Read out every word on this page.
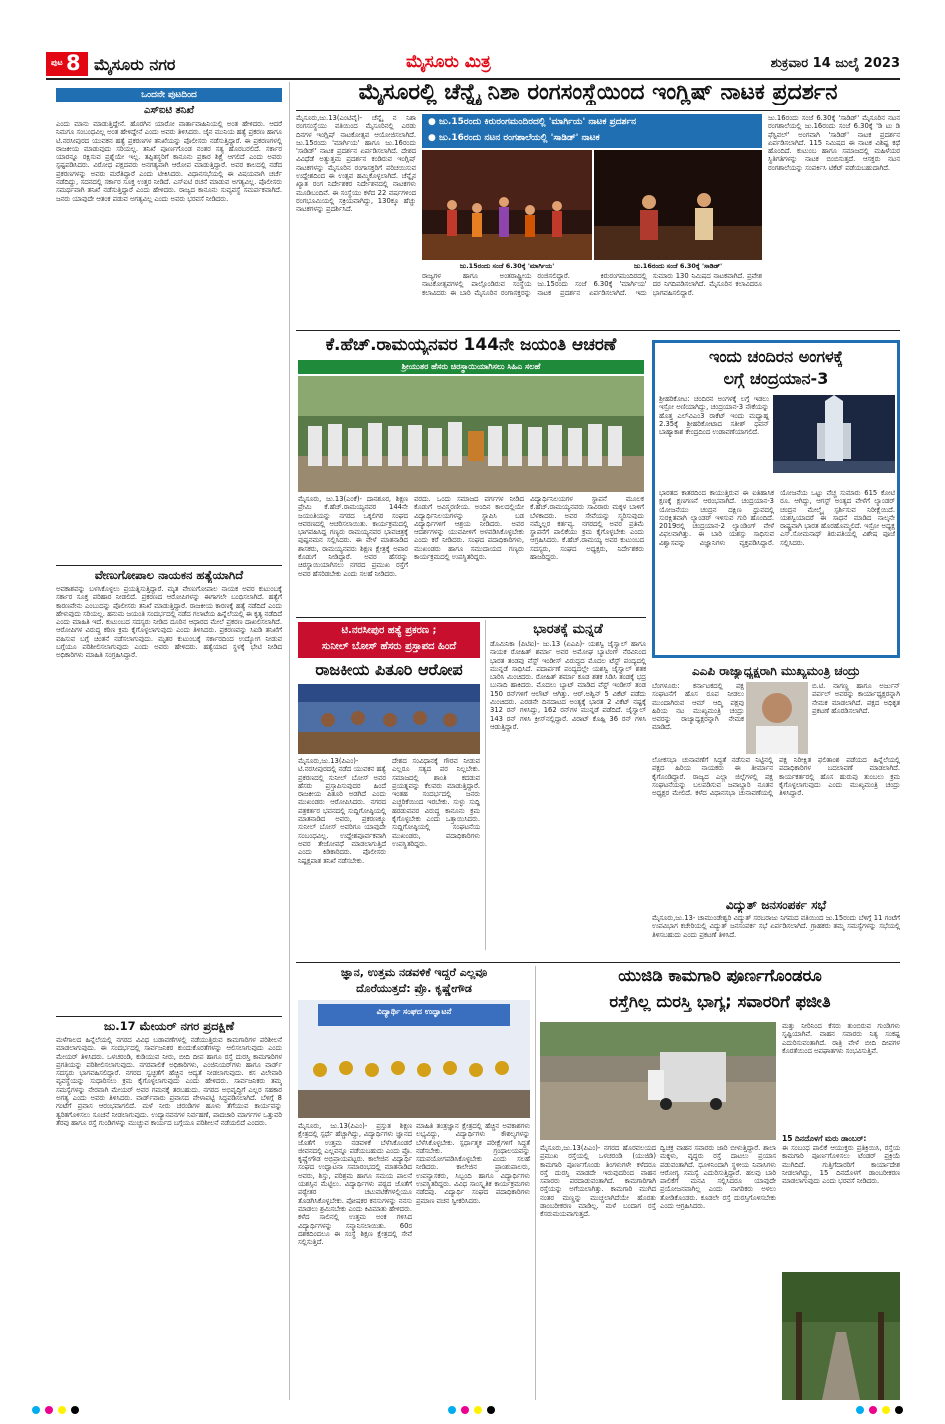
ಪುಟ 8 ಮೈಸೂರು ನಗರ	ಮೈಸೂರು ಮಿತ್ರ	ಶುಕ್ರವಾರ 14 ಜುಲೈ 2023
ಒಂದನೇ ಪುಟದಿಂದ
ಎಸ್‌ಐಟಿ ತನಿಖೆ
ಎಂದು ಮಾನು ಮಾಡುತ್ತಿದ್ದೇನೆ. ಹೊರಗಿನ ಯಾರೋ ವಾರ್ತಾವಾಹಿನಿಯಲ್ಲಿ ಅಂತ ಹೇಳಿದರು. ಆದರೆ ನಿಮಗೂ ಸಂಬಂಧವಿಲ್ಲ ಅಂತ ಹೇಳಿದ್ದೇನೆ ಎಂದು ಅವರು ತಿಳಿಸಿದರು. ಜೈನ ಮುನಿಯ ಹತ್ಯೆ ಪ್ರಕರಣ ಹಾಗೂ ಟಿ.ನರಸೀಪುರದ ಯುವಕನ ಹತ್ಯೆ ಪ್ರಕರಣಗಳ ತನಿಖೆಯನ್ನು ಪೊಲೀಸರು ನಡೆಸುತ್ತಿದ್ದಾರೆ. ಈ ಪ್ರಕರಣಗಳಲ್ಲಿ ರಾಜಕೀಯ ಮಾಡುವುದು ಸರಿಯಲ್ಲ. ತನಿಖೆ ಪೂರ್ಣಗೊಂಡ ನಂತರ ಸತ್ಯ ಹೊರಬರಲಿದೆ. ಸರ್ಕಾರ ಯಾರನ್ನೂ ರಕ್ಷಿಸುವ ಪ್ರಶ್ನೆಯೇ ಇಲ್ಲ. ತಪ್ಪಿತಸ್ಥರಿಗೆ ಕಾನೂನು ಪ್ರಕಾರ ಶಿಕ್ಷೆ ಆಗಲಿದೆ ಎಂದು ಅವರು ಸ್ಪಷ್ಟಪಡಿಸಿದರು. ವಿರೋಧ ಪಕ್ಷದವರು ಅನಗತ್ಯವಾಗಿ ಆರೋಪ ಮಾಡುತ್ತಿದ್ದಾರೆ. ಅವರ ಕಾಲದಲ್ಲಿ ನಡೆದ ಪ್ರಕರಣಗಳನ್ನು ಅವರು ಮರೆತಿದ್ದಾರೆ ಎಂದು ಟೀಕಿಸಿದರು. ವಿಧಾನಸಭೆಯಲ್ಲಿ ಈ ವಿಷಯವಾಗಿ ಚರ್ಚೆ ನಡೆದಿದ್ದು, ಸದನದಲ್ಲಿ ಸರ್ಕಾರ ಸೂಕ್ತ ಉತ್ತರ ನೀಡಿದೆ. ಎಸ್‌ಐಟಿ ರಚನೆ ಮಾಡುವ ಅಗತ್ಯವಿಲ್ಲ. ಪೊಲೀಸರು ಸಮರ್ಥವಾಗಿ ತನಿಖೆ ನಡೆಸುತ್ತಿದ್ದಾರೆ ಎಂದು ಹೇಳಿದರು. ರಾಜ್ಯದ ಕಾನೂನು ಸುವ್ಯವಸ್ಥೆ ಸಮರ್ಪಕವಾಗಿದೆ. ಜನರು ಯಾವುದೇ ಆತಂಕ ಪಡುವ ಅಗತ್ಯವಿಲ್ಲ ಎಂದು ಅವರು ಭರವಸೆ ನೀಡಿದರು.
ವೇಣುಗೋಪಾಲ ನಾಯಕನ ಹತ್ಯೆಯಾಗಿದೆ
ಅವಕಾಶವನ್ನು ಬಳಸಿಕೊಳ್ಳಲು ಪ್ರಯತ್ನಿಸುತ್ತಿದ್ದಾರೆ. ಮೃತ ವೇಣುಗೋಪಾಲ ನಾಯಕ ಅವರ ಕುಟುಂಬಕ್ಕೆ ಸರ್ಕಾರ ಸೂಕ್ತ ಪರಿಹಾರ ನೀಡಲಿದೆ. ಪ್ರಕರಣದ ಆರೋಪಿಗಳನ್ನು ಈಗಾಗಲೇ ಬಂಧಿಸಲಾಗಿದೆ. ಹತ್ಯೆಗೆ ಕಾರಣವೇನು ಎಂಬುದನ್ನು ಪೊಲೀಸರು ತನಿಖೆ ಮಾಡುತ್ತಿದ್ದಾರೆ. ರಾಜಕೀಯ ಕಾರಣಕ್ಕೆ ಹತ್ಯೆ ನಡೆದಿದೆ ಎಂದು ಹೇಳುವುದು ಸರಿಯಲ್ಲ. ಹನುಮ ಜಯಂತಿ ಸಂದರ್ಭದಲ್ಲಿ ನಡೆದ ಗಲಾಟೆಯ ಹಿನ್ನೆಲೆಯಲ್ಲಿ ಈ ಕೃತ್ಯ ನಡೆದಿದೆ ಎಂದು ಮಾಹಿತಿ ಇದೆ. ಕುಟುಂಬದ ಸದಸ್ಯರು ನೀಡಿದ ದೂರಿನ ಆಧಾರದ ಮೇಲೆ ಪ್ರಕರಣ ದಾಖಲಿಸಲಾಗಿದೆ. ಆರೋಪಿಗಳ ವಿರುದ್ಧ ಕಠಿಣ ಕ್ರಮ ಕೈಗೊಳ್ಳಲಾಗುವುದು ಎಂದು ತಿಳಿಸಿದರು. ಪ್ರಕರಣವನ್ನು ಸಿಐಡಿ ತನಿಖೆಗೆ ವಹಿಸುವ ಬಗ್ಗೆ ಚಿಂತನೆ ನಡೆಸಲಾಗುವುದು. ಮೃತರ ಕುಟುಂಬಕ್ಕೆ ಸರ್ಕಾರದಿಂದ ಉದ್ಯೋಗ ನೀಡುವ ಬಗ್ಗೆಯೂ ಪರಿಶೀಲಿಸಲಾಗುವುದು ಎಂದು ಅವರು ಹೇಳಿದರು. ಹತ್ಯೆಯಾದ ಸ್ಥಳಕ್ಕೆ ಭೇಟಿ ನೀಡಿದ ಅಧಿಕಾರಿಗಳು ಮಾಹಿತಿ ಸಂಗ್ರಹಿಸಿದ್ದಾರೆ.
ಜು.17 ಮೇಯರ್ ನಗರ ಪ್ರದಕ್ಷಿಣೆ
ಮಳೆಗಾಲದ ಹಿನ್ನೆಲೆಯಲ್ಲಿ ನಗರದ ವಿವಿಧ ಬಡಾವಣೆಗಳಲ್ಲಿ ನಡೆಯುತ್ತಿರುವ ಕಾಮಗಾರಿಗಳ ಪರಿಶೀಲನೆ ಮಾಡಲಾಗುವುದು. ಈ ಸಂದರ್ಭದಲ್ಲಿ ಸಾರ್ವಜನಿಕರ ಕುಂದುಕೊರತೆಗಳನ್ನು ಆಲಿಸಲಾಗುವುದು ಎಂದು ಮೇಯರ್ ತಿಳಿಸಿದರು. ಒಳಚರಂಡಿ, ಕುಡಿಯುವ ನೀರು, ಬೀದಿ ದೀಪ ಹಾಗೂ ರಸ್ತೆ ದುರಸ್ತಿ ಕಾಮಗಾರಿಗಳ ಪ್ರಗತಿಯನ್ನು ಪರಿಶೀಲಿಸಲಾಗುವುದು. ನಗರಪಾಲಿಕೆ ಅಧಿಕಾರಿಗಳು, ಎಂಜಿನಿಯರ್‌ಗಳು ಹಾಗೂ ವಾರ್ಡ್ ಸದಸ್ಯರು ಭಾಗವಹಿಸಲಿದ್ದಾರೆ. ನಗರದ ಸ್ವಚ್ಛತೆಗೆ ಹೆಚ್ಚಿನ ಆದ್ಯತೆ ನೀಡಲಾಗುವುದು. ಕಸ ವಿಲೇವಾರಿ ವ್ಯವಸ್ಥೆಯನ್ನು ಸುಧಾರಿಸಲು ಕ್ರಮ ಕೈಗೊಳ್ಳಲಾಗುವುದು ಎಂದು ಹೇಳಿದರು. ಸಾರ್ವಜನಿಕರು ತಮ್ಮ ಸಮಸ್ಯೆಗಳನ್ನು ನೇರವಾಗಿ ಮೇಯರ್ ಅವರ ಗಮನಕ್ಕೆ ತರಬಹುದು. ನಗರದ ಅಭಿವೃದ್ಧಿಗೆ ಎಲ್ಲರ ಸಹಕಾರ ಅಗತ್ಯ ಎಂದು ಅವರು ತಿಳಿಸಿದರು. ವಾರ್ಡ್‌ವಾರು ಪ್ರವಾಸದ ವೇಳಾಪಟ್ಟಿ ಸಿದ್ಧಪಡಿಸಲಾಗಿದೆ. ಬೆಳಿಗ್ಗೆ 8 ಗಂಟೆಗೆ ಪ್ರವಾಸ ಆರಂಭವಾಗಲಿದೆ. ಮಳೆ ನೀರು ಚರಂಡಿಗಳ ಹೂಳು ತೆಗೆಯುವ ಕಾರ್ಯವನ್ನು ತ್ವರಿತಗೊಳಿಸಲು ಸೂಚನೆ ನೀಡಲಾಗುವುದು. ಉದ್ಯಾನವನಗಳ ನಿರ್ವಹಣೆ, ಪಾದಚಾರಿ ಮಾರ್ಗಗಳ ಒತ್ತುವರಿ ತೆರವು ಹಾಗೂ ರಸ್ತೆ ಗುಂಡಿಗಳನ್ನು ಮುಚ್ಚುವ ಕಾರ್ಯದ ಬಗ್ಗೆಯೂ ಪರಿಶೀಲನೆ ನಡೆಯಲಿದೆ ಎಂದರು.
ಮೈಸೂರಲ್ಲಿ ಚೆನ್ನೈ ನಿಶಾ ರಂಗಸಂಸ್ಥೆಯಿಂದ ಇಂಗ್ಲಿಷ್ ನಾಟಕ ಪ್ರದರ್ಶನ
ಮೈಸೂರು,ಜು.13(ಎಂಟಿವೈ)- ಚೆನ್ನೈ ನ ನಿಶಾ ರಂಗಸಂಸ್ಥೆಯು ವತಿಯಿಂದ ಮೈಸೂರಿನಲ್ಲಿ ಎರಡು ದಿನಗಳ ಇಂಗ್ಲಿಷ್ ನಾಟಕೋತ್ಸವ ಆಯೋಜಿಸಲಾಗಿದೆ. ಜು.15ರಂದು 'ಮಾರ್ಗಿಯ' ಹಾಗೂ ಜು.16ರಂದು 'ಸಾಡಿಡ್' ನಾಟಕ ಪ್ರದರ್ಶನ ಏರ್ಪಡಿಸಲಾಗಿದೆ. ದೇಶದ ವಿವಿಧೆಡೆ ಅತ್ಯುತ್ತಮ ಪ್ರದರ್ಶನ ಕಂಡಿರುವ ಇಂಗ್ಲಿಷ್ ನಾಟಕಗಳನ್ನು ಮೈಸೂರಿನ ರಂಗಾಸಕ್ತರಿಗೆ ಪರಿಚಯಿಸುವ ಉದ್ದೇಶದಿಂದ ಈ ಉತ್ಸವ ಹಮ್ಮಿಕೊಳ್ಳಲಾಗಿದೆ. ಚೆನ್ನೈನ ಖ್ಯಾತ ರಂಗ ನಿರ್ದೇಶಕರ ನಿರ್ದೇಶನದಲ್ಲಿ ನಾಟಕಗಳು ಮೂಡಿಬಂದಿವೆ. ಈ ಸಂಸ್ಥೆಯು ಕಳೆದ 22 ವರ್ಷಗಳಿಂದ ರಂಗಭೂಮಿಯಲ್ಲಿ ಸಕ್ರಿಯವಾಗಿದ್ದು, 130ಕ್ಕೂ ಹೆಚ್ಚು ನಾಟಕಗಳನ್ನು ಪ್ರದರ್ಶಿಸಿದೆ.
● ಜು.15ರಂದು ಕಿರುರಂಗಮಂದಿರದಲ್ಲಿ 'ಮಾರ್ಗಿಯ' ನಾಟಕ ಪ್ರದರ್ಶನ
● ಜು.16ರಂದು ನಟನ ರಂಗಶಾಲೆಯಲ್ಲಿ 'ಸಾಡಿಡ್' ನಾಟಕ
ಜು.15ರಂದು ಸಂಜೆ 6.30ಕ್ಕೆ 'ಮಾರ್ಗಿಯ'	ಜು.16ರಂದು ಸಂಜೆ 6.30ಕ್ಕೆ 'ಸಾಡಿಡ್'
ರಾಜ್ಯಗಳ ಹಾಗೂ ಅಂತರಾಷ್ಟ್ರೀಯ ನಾಟಕೋತ್ಸವಗಳಲ್ಲಿ ಪಾಲ್ಗೊಂಡಿರುವ ಸಂಸ್ಥೆಯ ಕಲಾವಿದರು ಈ ಬಾರಿ ಮೈಸೂರಿನ ರಂಗಾಸಕ್ತರನ್ನು ರಂಜಿಸಲಿದ್ದಾರೆ. ಕಿರುರಂಗಮಂದಿರದಲ್ಲಿ ಜು.15ರಂದು ಸಂಜೆ 6.30ಕ್ಕೆ 'ಮಾರ್ಗಿಯ' ನಾಟಕ ಪ್ರದರ್ಶನ ಏರ್ಪಡಿಸಲಾಗಿದೆ. ಇದು ಸುಮಾರು 130 ನಿಮಿಷದ ನಾಟಕವಾಗಿದೆ. ಪ್ರವೇಶ ದರ ನಿಗದಿಪಡಿಸಲಾಗಿದೆ. ಮೈಸೂರಿನ ಕಲಾವಿದರೂ ಭಾಗವಹಿಸಲಿದ್ದಾರೆ.
ಜು.16ರಂದು ಸಂಜೆ 6.30ಕ್ಕೆ 'ಸಾಡಿಡ್' ಮೈಸೂರಿನ ನಟನ ರಂಗಶಾಲೆಯಲ್ಲಿ ಜು.16ರಂದು ಸಂಜೆ 6.30ಕ್ಕೆ 'ಡಿ ಟು ಡಿ ಫೆಸ್ಟಿವಲ್' ಅಂಗವಾಗಿ 'ಸಾಡಿಡ್' ನಾಟಕ ಪ್ರದರ್ಶನ ಏರ್ಪಡಿಸಲಾಗಿದೆ. 115 ನಿಮಿಷದ ಈ ನಾಟಕ ವಿಶಿಷ್ಟ ಕಥೆ ಹೊಂದಿದೆ. ಕುಟುಂಬ ಹಾಗೂ ಸಮಾಜದಲ್ಲಿ ಮಹಿಳೆಯರ ಸ್ಥಿತಿಗತಿಗಳನ್ನು ನಾಟಕ ಬಿಂಬಿಸುತ್ತದೆ. ಆಸಕ್ತರು ನಟನ ರಂಗಶಾಲೆಯನ್ನು ಸಂಪರ್ಕಿಸಿ ಟಿಕೆಟ್ ಪಡೆಯಬಹುದಾಗಿದೆ.
ಕೆ.ಹೆಚ್.ರಾಮಯ್ಯನವರ 144ನೇ ಜಯಂತಿ ಆಚರಣೆ
ಶ್ರೀಯುತರ ಹೆಸರು ಚಿರಸ್ಥಾಯಿಯಾಗಿಸಲು ಸಿಹಿಎ ಸಲಹೆ
ಮೈಸೂರು, ಜು.13(ಎಂಕೆ)- ದಾನಶೂರ, ಶಿಕ್ಷಣ ಪ್ರೇಮಿ ಕೆ.ಹೆಚ್.ರಾಮಯ್ಯನವರ 144ನೇ ಜಯಂತಿಯನ್ನು ನಗರದ ಒಕ್ಕಲಿಗರ ಸಂಘದ ಆವರಣದಲ್ಲಿ ಆಚರಿಸಲಾಯಿತು. ಕಾರ್ಯಕ್ರಮದಲ್ಲಿ ಭಾಗವಹಿಸಿದ್ದ ಗಣ್ಯರು ರಾಮಯ್ಯನವರ ಭಾವಚಿತ್ರಕ್ಕೆ ಪುಷ್ಪನಮನ ಸಲ್ಲಿಸಿದರು. ಈ ವೇಳೆ ಮಾತನಾಡಿದ ಶಾಸಕರು, ರಾಮಯ್ಯನವರು ಶಿಕ್ಷಣ ಕ್ಷೇತ್ರಕ್ಕೆ ಅಪಾರ ಕೊಡುಗೆ ನೀಡಿದ್ದಾರೆ. ಅವರ ಹೆಸರನ್ನು ಚಿರಸ್ಥಾಯಿಯಾಗಿಸಲು ನಗರದ ಪ್ರಮುಖ ರಸ್ತೆಗೆ ಅವರ ಹೆಸರಿಡಬೇಕು ಎಂದು ಸಲಹೆ ನೀಡಿದರು.
ವರದು. ಒಂದು ಸಮಾಜದ ವರ್ಗಗಳ ನೀಡಿದ ಕೊಡುಗೆ ಅವಿಸ್ಮರಣೀಯ. ಅಂದಿನ ಕಾಲದಲ್ಲಿಯೇ ವಿದ್ಯಾರ್ಥಿನಿಲಯಗಳನ್ನು ಸ್ಥಾಪಿಸಿ ಬಡ ವಿದ್ಯಾರ್ಥಿಗಳಿಗೆ ಆಶ್ರಯ ನೀಡಿದರು. ಅವರ ಆದರ್ಶಗಳನ್ನು ಯುವಪೀಳಿಗೆ ಅಳವಡಿಸಿಕೊಳ್ಳಬೇಕು ಎಂದು ಕರೆ ನೀಡಿದರು. ಸಂಘದ ಪದಾಧಿಕಾರಿಗಳು, ಮುಖಂಡರು ಹಾಗೂ ಸಮುದಾಯದ ಗಣ್ಯರು ಕಾರ್ಯಕ್ರಮದಲ್ಲಿ ಉಪಸ್ಥಿತರಿದ್ದರು.
ವಿದ್ಯಾರ್ಥಿನಿಲಯಗಳ ಸ್ಥಾಪನೆ ಮೂಲಕ ಕೆ.ಹೆಚ್.ರಾಮಯ್ಯನವರು ಸಾವಿರಾರು ಮಕ್ಕಳ ಬಾಳಿಗೆ ಬೆಳಕಾದರು. ಅವರ ಸೇವೆಯನ್ನು ಸ್ಮರಿಸುವುದು ನಮ್ಮೆಲ್ಲರ ಕರ್ತವ್ಯ. ನಗರದಲ್ಲಿ ಅವರ ಪ್ರತಿಮೆ ಸ್ಥಾಪನೆಗೆ ಪಾಲಿಕೆಯು ಕ್ರಮ ಕೈಗೊಳ್ಳಬೇಕು ಎಂದು ಆಗ್ರಹಿಸಿದರು. ಕೆ.ಹೆಚ್.ರಾಮಯ್ಯ ಅವರ ಕುಟುಂಬದ ಸದಸ್ಯರು, ಸಂಘದ ಅಧ್ಯಕ್ಷರು, ನಿರ್ದೇಶಕರು ಹಾಜರಿದ್ದರು.
ಇಂದು ಚಂದಿರನ ಅಂಗಳಕ್ಕೆ
ಲಗ್ಗೆ ಚಂದ್ರಯಾನ-3
ಶ್ರೀಹರಿಕೋಟ: ಚಂದಿರನ ಅಂಗಳಕ್ಕೆ ಲಗ್ಗೆ ಇಡಲು ಇಸ್ರೋ ಅಣಿಯಾಗಿದ್ದು, ಚಂದ್ರಯಾನ-3 ನೌಕೆಯನ್ನು ಹೊತ್ತ ಎಲ್‌ವಿಎಂ3 ರಾಕೆಟ್ ಇಂದು ಮಧ್ಯಾಹ್ನ 2.35ಕ್ಕೆ ಶ್ರೀಹರಿಕೋಟಾದ ಸತೀಶ್ ಧವನ್ ಬಾಹ್ಯಾಕಾಶ ಕೇಂದ್ರದಿಂದ ಉಡಾವಣೆಯಾಗಲಿದೆ.
ಭಾರತದ ಕಾತರದಿಂದ ಕಾಯುತ್ತಿರುವ ಈ ಐತಿಹಾಸಿಕ ಕ್ಷಣಕ್ಕೆ ಕ್ಷಣಗಣನೆ ಆರಂಭವಾಗಿದೆ. ಚಂದ್ರಯಾನ-3 ಯೋಜನೆಯು ಚಂದ್ರನ ದಕ್ಷಿಣ ಧ್ರುವದಲ್ಲಿ ಸುರಕ್ಷಿತವಾಗಿ ಲ್ಯಾಂಡರ್ ಇಳಿಸುವ ಗುರಿ ಹೊಂದಿದೆ. 2019ರಲ್ಲಿ ಚಂದ್ರಯಾನ-2 ಲ್ಯಾಂಡಿಂಗ್ ವೇಳೆ ವಿಫಲವಾಗಿತ್ತು. ಈ ಬಾರಿ ಯಶಸ್ಸು ಸಾಧಿಸುವ ವಿಶ್ವಾಸವನ್ನು ವಿಜ್ಞಾನಿಗಳು ವ್ಯಕ್ತಪಡಿಸಿದ್ದಾರೆ. ಯೋಜನೆಯ ಒಟ್ಟು ವೆಚ್ಚ ಸುಮಾರು 615 ಕೋಟಿ ರೂ. ಆಗಿದ್ದು, ಆಗಸ್ಟ್ ಅಂತ್ಯದ ವೇಳೆಗೆ ಲ್ಯಾಂಡರ್ ಚಂದ್ರನ ಮೇಲ್ಮೈ ಸ್ಪರ್ಶಿಸುವ ನಿರೀಕ್ಷೆಯಿದೆ. ಯಶಸ್ವಿಯಾದರೆ ಈ ಸಾಧನೆ ಮಾಡಿದ ನಾಲ್ಕನೇ ರಾಷ್ಟ್ರವಾಗಿ ಭಾರತ ಹೊರಹೊಮ್ಮಲಿದೆ. ಇಸ್ರೋ ಅಧ್ಯಕ್ಷ ಎಸ್.ಸೋಮನಾಥ್ ತಿರುಪತಿಯಲ್ಲಿ ವಿಶೇಷ ಪೂಜೆ ಸಲ್ಲಿಸಿದರು.
ಟಿ.ನರಸೀಪುರ ಹತ್ಯೆ ಪ್ರಕರಣ ;
ಸುನೀಲ್ ಬೋಸ್ ಹೆಸರು ಪ್ರಸ್ತಾಪದ ಹಿಂದೆ
ರಾಜಕೀಯ ಪಿತೂರಿ ಆರೋಪ
ಮೈಸೂರು,ಜು.13(ಪಿಎಂ)- ಟಿ.ನರಸೀಪುರದಲ್ಲಿ ನಡೆದ ಯುವಕನ ಹತ್ಯೆ ಪ್ರಕರಣದಲ್ಲಿ ಸುನೀಲ್ ಬೋಸ್ ಅವರ ಹೆಸರು ಪ್ರಸ್ತಾಪಿಸುವುದರ ಹಿಂದೆ ರಾಜಕೀಯ ಪಿತೂರಿ ಅಡಗಿದೆ ಎಂದು ಮುಖಂಡರು ಆರೋಪಿಸಿದರು. ನಗರದ ಪತ್ರಕರ್ತರ ಭವನದಲ್ಲಿ ಸುದ್ದಿಗೋಷ್ಠಿಯಲ್ಲಿ ಮಾತನಾಡಿದ ಅವರು, ಪ್ರಕರಣಕ್ಕೂ ಸುನೀಲ್ ಬೋಸ್ ಅವರಿಗೂ ಯಾವುದೇ ಸಂಬಂಧವಿಲ್ಲ. ಉದ್ದೇಶಪೂರ್ವಕವಾಗಿ ಅವರ ತೇಜೋವಧೆ ಮಾಡಲಾಗುತ್ತಿದೆ ಎಂದು ಕಿಡಿಕಾರಿದರು. ಪೊಲೀಸರು ನಿಷ್ಪಕ್ಷಪಾತ ತನಿಖೆ ನಡೆಸಬೇಕು.
ದೇಶದ ಸಂವಿಧಾನಕ್ಕೆ ಗೌರವ ನೀಡುವ ಎಲ್ಲರೂ ಸತ್ಯದ ಪರ ನಿಲ್ಲಬೇಕು. ಸಮಾಜದಲ್ಲಿ ಶಾಂತಿ ಕದಡುವ ಪ್ರಯತ್ನವನ್ನು ಕೆಲವರು ಮಾಡುತ್ತಿದ್ದಾರೆ. ಇಂತಹ ಸಂದರ್ಭದಲ್ಲಿ ಜನರು ಎಚ್ಚರಿಕೆಯಿಂದ ಇರಬೇಕು. ಸುಳ್ಳು ಸುದ್ದಿ ಹರಡುವವರ ವಿರುದ್ಧ ಕಾನೂನು ಕ್ರಮ ಕೈಗೊಳ್ಳಬೇಕು ಎಂದು ಒತ್ತಾಯಿಸಿದರು. ಸುದ್ದಿಗೋಷ್ಠಿಯಲ್ಲಿ ಸಂಘಟನೆಯ ಮುಖಂಡರು, ಪದಾಧಿಕಾರಿಗಳು ಉಪಸ್ಥಿತರಿದ್ದರು.
ಭಾರತಕ್ಕೆ ಮನ್ನಡೆ
ಡೊಮಿನಿಕಾ (ಪಿಟಿಐ)- ಜು.13 (ಏಎಪಿ)- ಯಶಸ್ವಿ ಜೈಸ್ವಾಲ್ ಹಾಗೂ ನಾಯಕ ರೋಹಿತ್ ಶರ್ಮಾ ಅವರ ಅಮೋಘ ಬ್ಯಾಟಿಂಗ್ ನೆರವಿನಿಂದ ಭಾರತ ತಂಡವು ವೆಸ್ಟ್ ಇಂಡೀಸ್ ವಿರುದ್ಧದ ಮೊದಲ ಟೆಸ್ಟ್ ಪಂದ್ಯದಲ್ಲಿ ಮುನ್ನಡೆ ಸಾಧಿಸಿದೆ. ಪದಾರ್ಪಣೆ ಪಂದ್ಯದಲ್ಲೇ ಯಶಸ್ವಿ ಜೈಸ್ವಾಲ್ ಶತಕ ಬಾರಿಸಿ ಮಿಂಚಿದರು. ರೋಹಿತ್ ಶರ್ಮಾ ಕೂಡ ಶತಕ ಸಿಡಿಸಿ ತಂಡಕ್ಕೆ ಭದ್ರ ಬುನಾದಿ ಹಾಕಿದರು. ಮೊದಲು ಬ್ಯಾಟ್ ಮಾಡಿದ ವೆಸ್ಟ್ ಇಂಡೀಸ್ ತಂಡ 150 ರನ್‌ಗಳಿಗೆ ಆಲೌಟ್ ಆಗಿತ್ತು. ಆರ್.ಅಶ್ವಿನ್ 5 ವಿಕೆಟ್ ಪಡೆದು ಮಿಂಚಿದರು. ಎರಡನೇ ದಿನದಾಟದ ಅಂತ್ಯಕ್ಕೆ ಭಾರತ 2 ವಿಕೆಟ್ ನಷ್ಟಕ್ಕೆ 312 ರನ್ ಗಳಿಸಿದ್ದು, 162 ರನ್‌ಗಳ ಮುನ್ನಡೆ ಪಡೆದಿದೆ. ಜೈಸ್ವಾಲ್ 143 ರನ್ ಗಳಿಸಿ ಕ್ರೀಸ್‌ನಲ್ಲಿದ್ದಾರೆ. ವಿರಾಟ್ ಕೊಹ್ಲಿ 36 ರನ್ ಗಳಿಸಿ ಆಡುತ್ತಿದ್ದಾರೆ.
ಎಎಪಿ ರಾಜ್ಯಾಧ್ಯಕ್ಷರಾಗಿ ಮುಖ್ಯಮಂತ್ರಿ ಚಂದ್ರು
ಬೆಂಗಳೂರು: ಕರ್ನಾಟಕದಲ್ಲಿ ಪಕ್ಷ ಸಂಘಟನೆಗೆ ಹೊಸ ರೂಪ ನೀಡಲು ಮುಂದಾಗಿರುವ ಆಮ್ ಆದ್ಮಿ ಪಕ್ಷವು ಹಿರಿಯ ನಟ ಮುಖ್ಯಮಂತ್ರಿ ಚಂದ್ರು ಅವರನ್ನು ರಾಜ್ಯಾಧ್ಯಕ್ಷರನ್ನಾಗಿ ನೇಮಕ ಮಾಡಿದೆ.
ಬಿ.ಟಿ. ನಾಗಣ್ಣ ಹಾಗೂ ಅರ್ಜುನ್ ಪರ್ಪಲ್ ಅವರನ್ನು ಕಾರ್ಯಾಧ್ಯಕ್ಷರನ್ನಾಗಿ ನೇಮಕ ಮಾಡಲಾಗಿದೆ. ಪಕ್ಷದ ಅಧಿಕೃತ ಪ್ರಕಟಣೆ ಹೊರಡಿಸಲಾಗಿದೆ.
ಲೋಕಸಭಾ ಚುನಾವಣೆಗೆ ಸಿದ್ಧತೆ ನಡೆಸುವ ನಿಟ್ಟಿನಲ್ಲಿ ಪಕ್ಷದ ಹಿರಿಯ ನಾಯಕರು ಈ ತೀರ್ಮಾನ ಕೈಗೊಂಡಿದ್ದಾರೆ. ರಾಜ್ಯದ ಎಲ್ಲಾ ಜಿಲ್ಲೆಗಳಲ್ಲಿ ಪಕ್ಷ ಸಂಘಟನೆಯನ್ನು ಬಲಪಡಿಸುವ ಜವಾಬ್ದಾರಿ ನೂತನ ಅಧ್ಯಕ್ಷರ ಮೇಲಿದೆ. ಕಳೆದ ವಿಧಾನಸಭಾ ಚುನಾವಣೆಯಲ್ಲಿ ಪಕ್ಷ ನಿರೀಕ್ಷಿತ ಫಲಿತಾಂಶ ಪಡೆಯದ ಹಿನ್ನೆಲೆಯಲ್ಲಿ ಪದಾಧಿಕಾರಿಗಳ ಬದಲಾವಣೆ ಮಾಡಲಾಗಿದೆ. ಕಾರ್ಯಕರ್ತರಲ್ಲಿ ಹೊಸ ಹುರುಪು ತುಂಬಲು ಕ್ರಮ ಕೈಗೊಳ್ಳಲಾಗುವುದು ಎಂದು ಮುಖ್ಯಮಂತ್ರಿ ಚಂದ್ರು ತಿಳಿಸಿದ್ದಾರೆ.
ವಿದ್ಯುತ್ ಜನಸಂಪರ್ಕ ಸಭೆ
ಮೈಸೂರು,ಜು.13- ಚಾಮುಂಡೇಶ್ವರಿ ವಿದ್ಯುತ್ ಸರಬರಾಜು ನಿಗಮದ ವತಿಯಿಂದ ಜು.15ರಂದು ಬೆಳಿಗ್ಗೆ 11 ಗಂಟೆಗೆ ಉಪವಿಭಾಗ ಕಚೇರಿಯಲ್ಲಿ ವಿದ್ಯುತ್ ಜನಸಂಪರ್ಕ ಸಭೆ ಏರ್ಪಡಿಸಲಾಗಿದೆ. ಗ್ರಾಹಕರು ತಮ್ಮ ಸಮಸ್ಯೆಗಳನ್ನು ಸಭೆಯಲ್ಲಿ ತಿಳಿಸಬಹುದು ಎಂದು ಪ್ರಕಟಣೆ ತಿಳಿಸಿದೆ.
ಜ್ಞಾನ, ಉತ್ತಮ ನಡವಳಿಕೆ ಇದ್ದರೆ ಎಲ್ಲವೂ
ದೊರೆಯುತ್ತದೆ: ಪ್ರೊ. ಕೃಷ್ಣೇಗೌಡ
ವಿದ್ಯಾರ್ಥಿ ಸಂಘದ ಉದ್ಘಾಟನೆ
ಮೈಸೂರು, ಜು.13(ಪಿಎಂ)- ಪ್ರಸ್ತುತ ಶಿಕ್ಷಣ ಕ್ಷೇತ್ರದಲ್ಲಿ ಸ್ಪರ್ಧೆ ಹೆಚ್ಚಾಗಿದ್ದು, ವಿದ್ಯಾರ್ಥಿಗಳು ಜ್ಞಾನದ ಜೊತೆಗೆ ಉತ್ತಮ ನಡವಳಿಕೆ ಬೆಳೆಸಿಕೊಂಡರೆ ಜೀವನದಲ್ಲಿ ಎಲ್ಲವನ್ನೂ ಪಡೆಯಬಹುದು ಎಂದು ಪ್ರೊ. ಕೃಷ್ಣೇಗೌಡ ಅಭಿಪ್ರಾಯಪಟ್ಟರು. ಕಾಲೇಜಿನ ವಿದ್ಯಾರ್ಥಿ ಸಂಘದ ಉದ್ಘಾಟನಾ ಸಮಾರಂಭದಲ್ಲಿ ಮಾತನಾಡಿದ ಅವರು, ಶಿಸ್ತು, ಪರಿಶ್ರಮ ಹಾಗೂ ಸಮಯ ಪಾಲನೆ ಯಶಸ್ಸಿನ ಮೆಟ್ಟಿಲು. ವಿದ್ಯಾರ್ಥಿಗಳು ಪಠ್ಯದ ಜೊತೆಗೆ ಪಠ್ಯೇತರ ಚಟುವಟಿಕೆಗಳಲ್ಲಿಯೂ ತೊಡಗಿಸಿಕೊಳ್ಳಬೇಕು. ಪೋಷಕರ ಕನಸುಗಳನ್ನು ನನಸು ಮಾಡಲು ಶ್ರಮಿಸಬೇಕು ಎಂದು ಕಿವಿಮಾತು ಹೇಳಿದರು. ಕಳೆದ ಸಾಲಿನಲ್ಲಿ ಉತ್ತಮ ಅಂಕ ಗಳಿಸಿದ ವಿದ್ಯಾರ್ಥಿಗಳನ್ನು ಸನ್ಮಾನಿಸಲಾಯಿತು. 60ರ ದಶಕದಿಂದಲೂ ಈ ಸಂಸ್ಥೆ ಶಿಕ್ಷಣ ಕ್ಷೇತ್ರದಲ್ಲಿ ಸೇವೆ ಸಲ್ಲಿಸುತ್ತಿದೆ.
ಮಾಹಿತಿ ತಂತ್ರಜ್ಞಾನ ಕ್ಷೇತ್ರದಲ್ಲಿ ಹೆಚ್ಚಿನ ಅವಕಾಶಗಳು ಲಭ್ಯವಿದ್ದು, ವಿದ್ಯಾರ್ಥಿಗಳು ಕೌಶಲ್ಯಗಳನ್ನು ಬೆಳೆಸಿಕೊಳ್ಳಬೇಕು. ಸ್ಪರ್ಧಾತ್ಮಕ ಪರೀಕ್ಷೆಗಳಿಗೆ ಸಿದ್ಧತೆ ನಡೆಸಬೇಕು. ಗ್ರಂಥಾಲಯವನ್ನು ಸದುಪಯೋಗಪಡಿಸಿಕೊಳ್ಳಬೇಕು ಎಂದು ಸಲಹೆ ನೀಡಿದರು. ಕಾಲೇಜಿನ ಪ್ರಾಂಶುಪಾಲರು, ಉಪನ್ಯಾಸಕರು, ಸಿಬ್ಬಂದಿ ಹಾಗೂ ವಿದ್ಯಾರ್ಥಿಗಳು ಉಪಸ್ಥಿತರಿದ್ದರು. ವಿವಿಧ ಸಾಂಸ್ಕೃತಿಕ ಕಾರ್ಯಕ್ರಮಗಳು ನಡೆದವು. ವಿದ್ಯಾರ್ಥಿ ಸಂಘದ ಪದಾಧಿಕಾರಿಗಳು ಪ್ರಮಾಣ ವಚನ ಸ್ವೀಕರಿಸಿದರು.
ಯುಜಿಡಿ ಕಾಮಗಾರಿ ಪೂರ್ಣಗೊಂಡರೂ
ರಸ್ತೆಗಿಲ್ಲ ದುರಸ್ತಿ ಭಾಗ್ಯ; ಸವಾರರಿಗೆ ಫಜೀತಿ
ಮತ್ತು ನೀರಿನಿಂದ ಕೆಸರು ತುಂಬಿರುವ ಗುಂಡಿಗಳು ಸೃಷ್ಟಿಯಾಗಿವೆ. ವಾಹನ ಸವಾರರು ನಿತ್ಯ ಸಂಕಷ್ಟ ಎದುರಿಸುವಂತಾಗಿದೆ. ರಾತ್ರಿ ವೇಳೆ ಬೀದಿ ದೀಪಗಳ ಕೊರತೆಯಿಂದ ಅಪಘಾತಗಳು ಸಂಭವಿಸುತ್ತಿವೆ.
15 ದಿನದೊಳಗೆ ಮರು ಡಾಂಬರ್:
ಈ ಸಂಬಂಧ ಪಾಲಿಕೆ ಆಯುಕ್ತರು ಪ್ರತಿಕ್ರಿಯಿಸಿ, ರಸ್ತೆಯ ಕಾಮಗಾರಿ ಪೂರ್ಣಗೊಳಿಸಲು ಟೆಂಡರ್ ಪ್ರಕ್ರಿಯೆ ಮುಗಿದಿದೆ. ಗುತ್ತಿಗೆದಾರರಿಗೆ ಕಾರ್ಯಾದೇಶ ನೀಡಲಾಗಿದ್ದು, 15 ದಿನದೊಳಗೆ ಡಾಂಬರೀಕರಣ ಮಾಡಲಾಗುವುದು ಎಂದು ಭರವಸೆ ನೀಡಿದರು.
ಮೈಸೂರು,ಜು.13(ಪಿಎಂ)- ನಗರದ ಹೊರವಲಯದ ಪ್ರಮುಖ ರಸ್ತೆಯಲ್ಲಿ ಒಳಚರಂಡಿ (ಯುಜಿಡಿ) ಕಾಮಗಾರಿ ಪೂರ್ಣಗೊಂಡು ತಿಂಗಳುಗಳೇ ಕಳೆದರೂ ರಸ್ತೆ ದುರಸ್ತಿ ಮಾಡದೇ ಇರುವುದರಿಂದ ವಾಹನ ಸವಾರರು ಪರದಾಡುವಂತಾಗಿದೆ. ಕಾಮಗಾರಿಗಾಗಿ ರಸ್ತೆಯನ್ನು ಅಗೆಯಲಾಗಿತ್ತು. ಕಾಮಗಾರಿ ಮುಗಿದ ನಂತರ ಮಣ್ಣನ್ನು ಮುಚ್ಚಲಾಗಿದೆಯೇ ಹೊರತು ಡಾಂಬರೀಕರಣ ಮಾಡಿಲ್ಲ. ಮಳೆ ಬಂದಾಗ ರಸ್ತೆ ಕೆಸರುಮಯವಾಗುತ್ತದೆ.
ದ್ವಿಚಕ್ರ ವಾಹನ ಸವಾರರು ಜಾರಿ ಬೀಳುತ್ತಿದ್ದಾರೆ. ಶಾಲಾ ಮಕ್ಕಳು, ವೃದ್ಧರು ರಸ್ತೆ ದಾಟಲು ಪ್ರಯಾಸ ಪಡುವಂತಾಗಿದೆ. ಧೂಳಿನಿಂದಾಗಿ ಸ್ಥಳೀಯ ನಿವಾಸಿಗಳು ಆರೋಗ್ಯ ಸಮಸ್ಯೆ ಎದುರಿಸುತ್ತಿದ್ದಾರೆ. ಹಲವು ಬಾರಿ ಪಾಲಿಕೆಗೆ ಮನವಿ ಸಲ್ಲಿಸಿದರೂ ಯಾವುದೇ ಪ್ರಯೋಜನವಾಗಿಲ್ಲ ಎಂದು ನಾಗರಿಕರು ಅಳಲು ತೋಡಿಕೊಂಡರು. ಕೂಡಲೇ ರಸ್ತೆ ದುರಸ್ತಿಗೊಳಿಸಬೇಕು ಎಂದು ಆಗ್ರಹಿಸಿದರು.
